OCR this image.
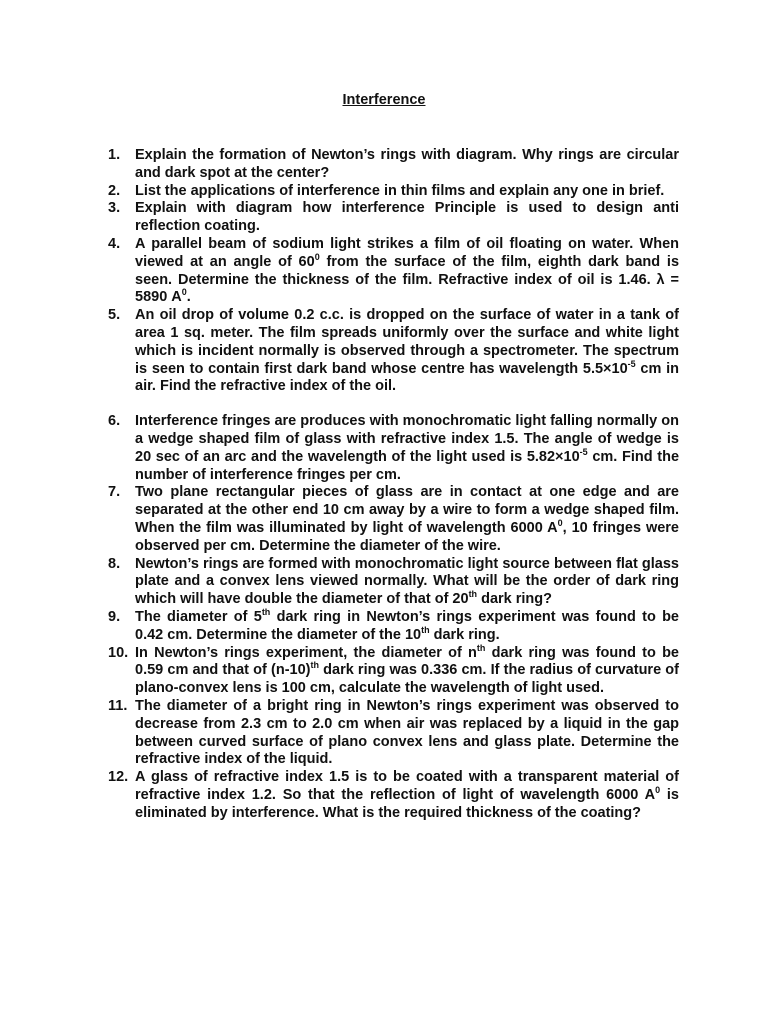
Interference
1.	Explain the formation of Newton’s rings with diagram. Why rings are circular and dark spot at the center?
2.	List the applications of interference in thin films and explain any one in brief.
3.	Explain with diagram how interference Principle is used to design anti reflection coating.
4.	A parallel beam of sodium light strikes a film of oil floating on water. When viewed at an angle of $60^0$ from the surface of the film, eighth dark band is seen. Determine the thickness of the film. Refractive index of oil is 1.46. λ = 5890 $A^0$.
5.	An oil drop of volume 0.2 c.c. is dropped on the surface of water in a tank of area 1 sq. meter. The film spreads uniformly over the surface and white light which is incident normally is observed through a spectrometer. The spectrum is seen to contain first dark band whose centre has wavelength $5.5\times 10^{-5}$ cm in air. Find the refractive index of the oil.
6.	Interference fringes are produces with monochromatic light falling normally on a wedge shaped film of glass with refractive index 1.5. The angle of wedge is 20 sec of an arc and the wavelength of the light used is $5.82\times 10^{-5}$ cm. Find the number of interference fringes per cm.
7.	Two plane rectangular pieces of glass are in contact at one edge and are separated at the other end 10 cm away by a wire to form a wedge shaped film. When the film was illuminated by light of wavelength 6000 $A^0$, 10 fringes were observed per cm. Determine the diameter of the wire.
8.	Newton’s rings are formed with monochromatic light source between flat glass plate and a convex lens viewed normally. What will be the order of dark ring which will have double the diameter of that of 20th dark ring?
9.	The diameter of 5th dark ring in Newton’s rings experiment was found to be 0.42 cm. Determine the diameter of the 10th dark ring.
10. In Newton’s rings experiment, the diameter of $n^{th}$ dark ring was found to be 0.59 cm and that of $(n-10)^{th}$ dark ring was 0.336 cm. If the radius of curvature of plano-convex lens is 100 cm, calculate the wavelength of light used.
11. The diameter of a bright ring in Newton’s rings experiment was observed to decrease from 2.3 cm to 2.0 cm when air was replaced by a liquid in the gap between curved surface of plano convex lens and glass plate. Determine the refractive index of the liquid.
12. A glass of refractive index 1.5 is to be coated with a transparent material of refractive index 1.2. So that the reflection of light of wavelength 6000 $A^0$ is eliminated by interference. What is the required thickness of the coating?
